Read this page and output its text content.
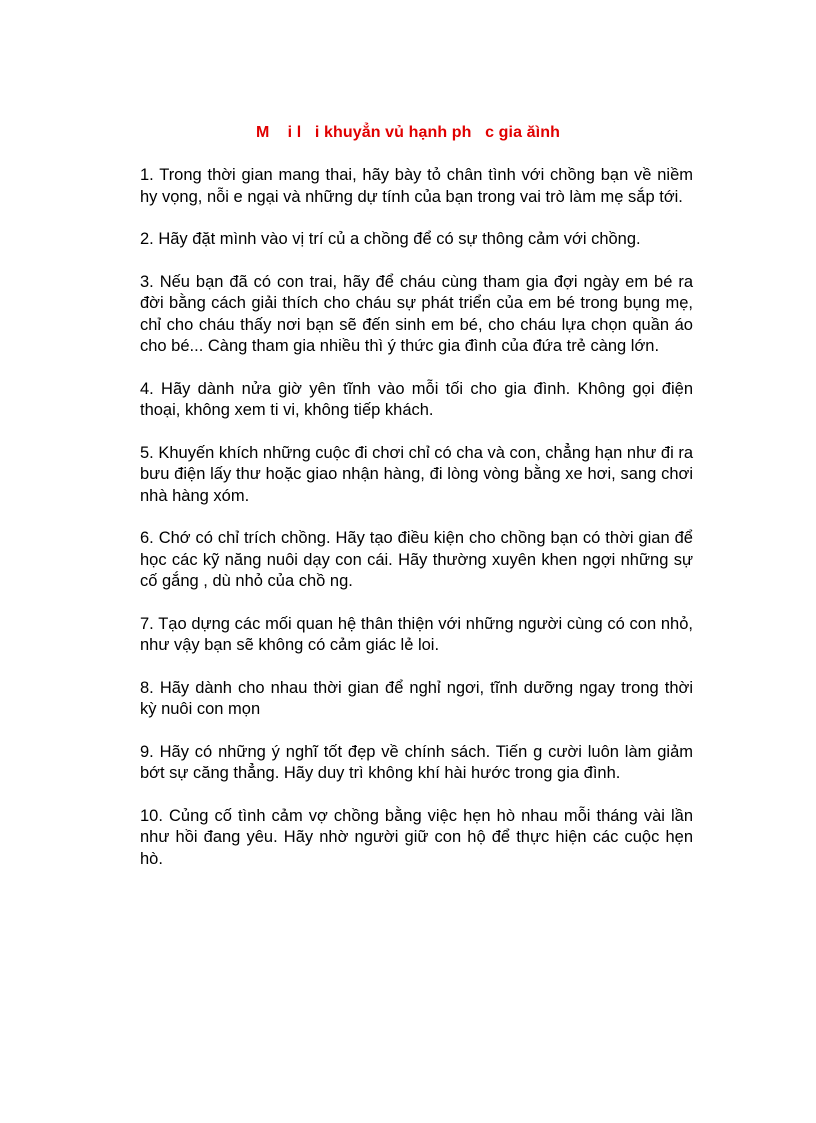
M    i l   i khuyẳn vủ hạnh ph   c gia ăình

1. Trong thời gian mang thai, hãy bày tỏ chân tình với chồng bạn về niềm hy vọng, nỗi e ngại và những dự tính của bạn trong vai trò làm mẹ sắp tới.

2. Hãy đặt mình vào vị trí củ a chồng để có sự thông cảm với chồng.

3. Nếu bạn đã có con trai, hãy để cháu cùng tham gia đợi ngày em bé ra đời bằng cách giải thích cho cháu sự phát triển của em bé trong bụng mẹ, chỉ cho cháu thấy nơi bạn sẽ đến sinh em bé, cho cháu lựa chọn quần áo cho bé... Càng tham gia nhiều thì ý thức gia đình của đứa trẻ càng lớn.

4. Hãy dành nửa giờ yên tĩnh vào mỗi tối cho gia đình. Không gọi điện thoại, không xem ti vi, không tiếp khách.

5. Khuyến khích những cuộc đi chơi chỉ có cha và con, chẳng hạn như đi ra bưu điện lấy thư hoặc giao nhận hàng, đi lòng vòng bằng xe hơi, sang chơi nhà hàng xóm.

6. Chớ có chỉ trích chồng. Hãy tạo điều kiện cho chồng bạn có thời gian để học các kỹ năng nuôi dạy con cái. Hãy thường xuyên khen ngợi những sự cố gắng , dù nhỏ của chồ ng.

7. Tạo dựng các mối quan hệ thân thiện với những người cùng có con nhỏ, như vậy bạn sẽ không có cảm giác lẻ loi.

8. Hãy dành cho nhau thời gian để nghỉ ngơi, tĩnh dưỡng ngay trong thời kỳ nuôi con mọn

9. Hãy có những ý nghĩ tốt đẹp về chính sách. Tiến g cười luôn làm giảm bớt sự căng thẳng. Hãy duy trì không khí hài hước trong gia đình.

10. Củng cố tình cảm vợ chồng bằng việc hẹn hò nhau mỗi tháng vài lần như hồi đang yêu. Hãy nhờ người giữ con hộ để thực hiện các cuộc hẹn hò.
